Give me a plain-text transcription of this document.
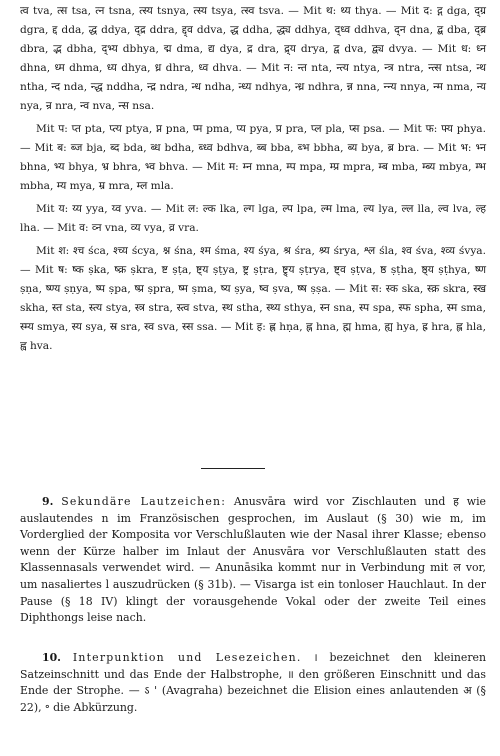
त्व tva, त्स tsa, त्न tsna, त्स्य tsnya, त्स्य tsya, त्स्व tsva. — Mit थ: थ्य thya. — Mit द: द्ग dga, द्ग्र dgra, द्द dda, द्ध ddya, द्द्र ddra, द्द्व ddva, द्ध ddha, द्ध्य ddhya, द्ध्व ddhva, द्न dna, द्ब dba, द्ब्र dbra, द्भ dbha, द्भ्य dbhya, द्म dma, द्य dya, द्र dra, द्र्य drya, द्व dva, द्व्य dvya. — Mit ध: ध्न dhna, ध्म dhma, ध्य dhya, ध्र dhra, ध्व dhva. — Mit न: न्त nta, न्त्य ntya, न्त्र ntra, न्त्स ntsa, न्थ ntha, न्द nda, न्द्ध nddha, न्द्र ndra, न्ध ndha, न्ध्य ndhya, न्ध्र ndhra, न्न nna, न्न्य nnya, न्म nma, न्य nya, न्र nra, न्व nva, न्स nsa.

Mit प: प्त pta, प्त्य ptya, प्न pna, प्म pma, प्य pya, प्र pra, प्ल pla, प्स psa. — Mit फ: फ्य phya. — Mit ब: ब्ज bja, ब्द bda, ब्ध bdha, ब्ध्व bdhva, ब्ब bba, ब्भ bbha, ब्य bya, ब्र bra. — Mit भ: भ्न bhna, भ्य bhya, भ्र bhra, भ्व bhva. — Mit म: म्न mna, म्प mpa, म्प्र mpra, म्ब mba, म्ब्य mbya, म्भ mbha, म्य mya, म्र mra, म्ल mla.

Mit य: य्य yya, य्व yva. — Mit ल: ल्क lka, ल्ग lga, ल्प lpa, ल्म lma, ल्य lya, ल्ल lla, ल्व lva, ल्ह lha. — Mit व: व्न vna, व्य vya, व्र vra.

Mit श: श्च śca, श्च्य ścya, श्न śna, श्म śma, श्य śya, श्र śra, श्र्य śrya, श्ल śla, श्व śva, श्व्य śvya. — Mit ष: ष्क ṣka, ष्क्र ṣkra, ष्ट ṣṭa, ष्ट्य ṣṭya, ष्ट्र ṣṭra, ष्ट्र्य ṣṭrya, ष्ट्व ṣṭva, ष्ठ ṣṭha, ष्ठ्य ṣṭhya, ष्ण ṣṇa, ष्ण्य ṣṇya, ष्प ṣpa, ष्प्र ṣpra, ष्म ṣma, ष्य ṣya, ष्व ṣva, ष्ष ṣṣa. — Mit स: स्क ska, स्क्र skra, स्ख skha, स्त sta, स्त्य stya, स्त्र stra, स्त्व stva, स्थ stha, स्थ्य sthya, स्न sna, स्प spa, स्फ spha, स्म sma, स्म्य smya, स्य sya, स्र sra, स्व sva, स्स ssa. — Mit ह: ह्ण hṇa, ह्न hna, ह्म hma, ह्य hya, ह्र hra, ह्ल hla, ह्व hva.

9. Sekundäre Lautzeichen: Anusvāra wird vor Zischlauten und ह wie auslautendes n im Französischen gesprochen, im Auslaut (§ 30) wie m, im Vorderglied der Komposita vor Verschlußlauten wie der Nasal ihrer Klasse; ebenso wenn der Kürze halber im Inlaut der Anusvāra vor Verschlußlauten statt des Klassennasals verwendet wird. — Anunāsika kommt nur in Verbindung mit ल vor, um nasaliertes l auszudrücken (§ 31b). — Visarga ist ein tonloser Hauchlaut. In der Pause (§ 18 IV) klingt der vorausgehende Vokal oder der zweite Teil eines Diphthongs leise nach.

10. Interpunktion und Lesezeichen. । bezeichnet den kleineren Satzeinschnitt und das Ende der Halbstrophe, ॥ den größeren Einschnitt und das Ende der Strophe. — ऽ ' (Avagraha) bezeichnet die Elision eines anlautenden अ (§ 22), ॰ die Abkürzung.
